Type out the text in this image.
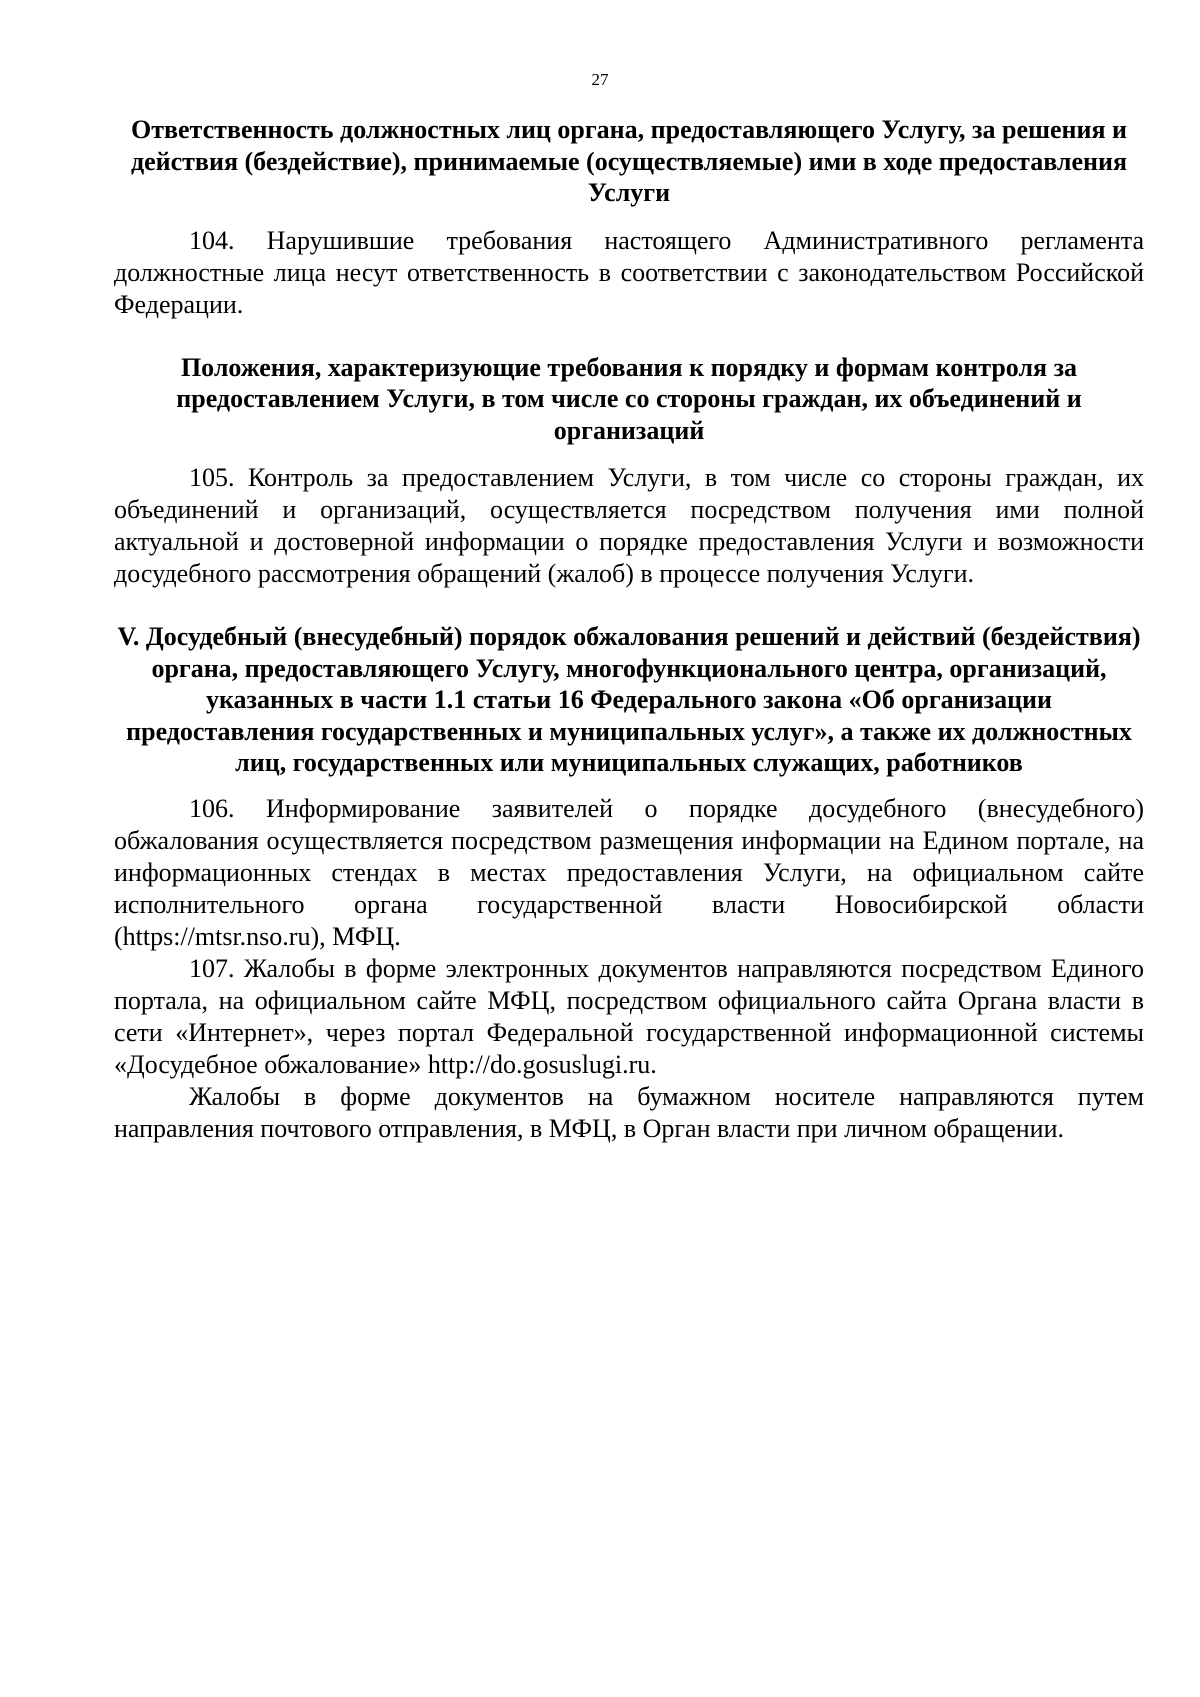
27
Ответственность должностных лиц органа, предоставляющего Услугу, за решения и действия (бездействие), принимаемые (осуществляемые) ими в ходе предоставления Услуги

104. Нарушившие требования настоящего Административного регламента должностные лица несут ответственность в соответствии с законодательством Российской Федерации.

Положения, характеризующие требования к порядку и формам контроля за предоставлением Услуги, в том числе со стороны граждан, их объединений и организаций

105. Контроль за предоставлением Услуги, в том числе со стороны граждан, их объединений и организаций, осуществляется посредством получения ими полной актуальной и достоверной информации о порядке предоставления Услуги и возможности досудебного рассмотрения обращений (жалоб) в процессе получения Услуги.

V. Досудебный (внесудебный) порядок обжалования решений и действий (бездействия) органа, предоставляющего Услугу, многофункционального центра, организаций, указанных в части 1.1 статьи 16 Федерального закона «Об организации предоставления государственных и муниципальных услуг», а также их должностных лиц, государственных или муниципальных служащих, работников

106. Информирование заявителей о порядке досудебного (внесудебного) обжалования осуществляется посредством размещения информации на Едином портале, на информационных стендах в местах предоставления Услуги, на официальном сайте исполнительного органа государственной власти Новосибирской области (https://mtsr.nso.ru), МФЦ.

107. Жалобы в форме электронных документов направляются посредством Единого портала, на официальном сайте МФЦ, посредством официального сайта Органа власти в сети «Интернет», через портал Федеральной государственной информационной системы «Досудебное обжалование» http://do.gosuslugi.ru.

Жалобы в форме документов на бумажном носителе направляются путем направления почтового отправления, в МФЦ, в Орган власти при личном обращении.
